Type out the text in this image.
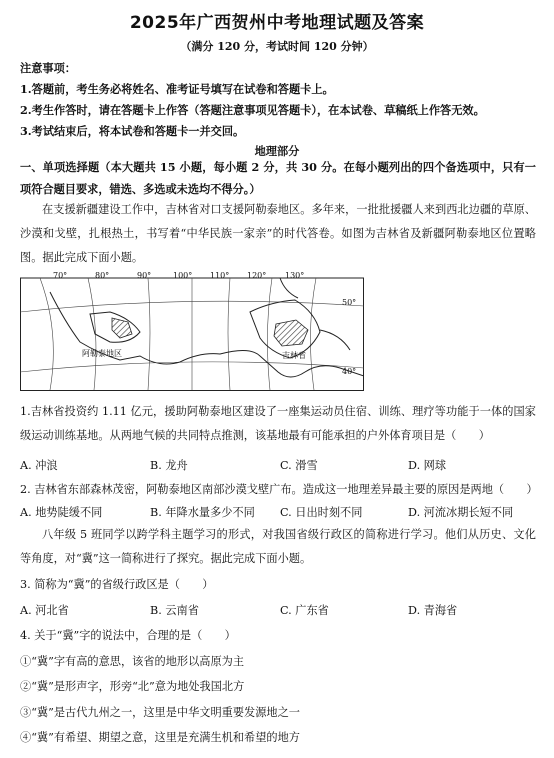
2025年广西贺州中考地理试题及答案
（满分 120 分，考试时间 120 分钟）
注意事项：
1.答题前，考生务必将姓名、准考证号填写在试卷和答题卡上。
2.考生作答时，请在答题卡上作答（答题注意事项见答题卡），在本试卷、草稿纸上作答无效。
3.考试结束后，将本试卷和答题卡一并交回。
地理部分
一、单项选择题（本大题共 15 小题，每小题 2 分，共 30 分。在每小题列出的四个备选项中，只有一项符合题目要求，错选、多选或未选均不得分。）
在支援新疆建设工作中，吉林省对口支援阿勒泰地区。多年来，一批批援疆人来到西北边疆的草原、沙漠和戈壁，扎根热土，书写着“中华民族一家亲”的时代答卷。如图为吉林省及新疆阿勒泰地区位置略图。据此完成下面小题。
70°	80°	90°	100° 110° 120° 130°
50°
40°
阿勒泰地区	吉林省
1.吉林省投资约 1.11 亿元，援助阿勒泰地区建设了一座集运动员住宿、训练、理疗等功能于一体的国家级运动训练基地。从两地气候的共同特点推测，该基地最有可能承担的户外体育项目是（　　）
A. 冲浪	B. 龙舟	C. 滑雪	D. 网球
2. 吉林省东部森林茂密，阿勒泰地区南部沙漠戈壁广布。造成这一地理差异最主要的原因是两地（　　）
A. 地势陡缓不同	B. 年降水量多少不同 C. 日出时刻不同	D. 河流冰期长短不同
八年级 5 班同学以跨学科主题学习的形式，对我国省级行政区的简称进行学习。他们从历史、文化等角度，对“冀”这一简称进行了探究。据此完成下面小题。
3. 简称为“冀”的省级行政区是（　　）
A. 河北省	B. 云南省	C. 广东省	D. 青海省
4. 关于“冀”字的说法中，合理的是（　　）
①“冀”字有高的意思，该省的地形以高原为主
②“冀”是形声字，形旁“北”意为地处我国北方
③“冀”是古代九州之一，这里是中华文明重要发源地之一
④“冀”有希望、期望之意，这里是充满生机和希望的地方
